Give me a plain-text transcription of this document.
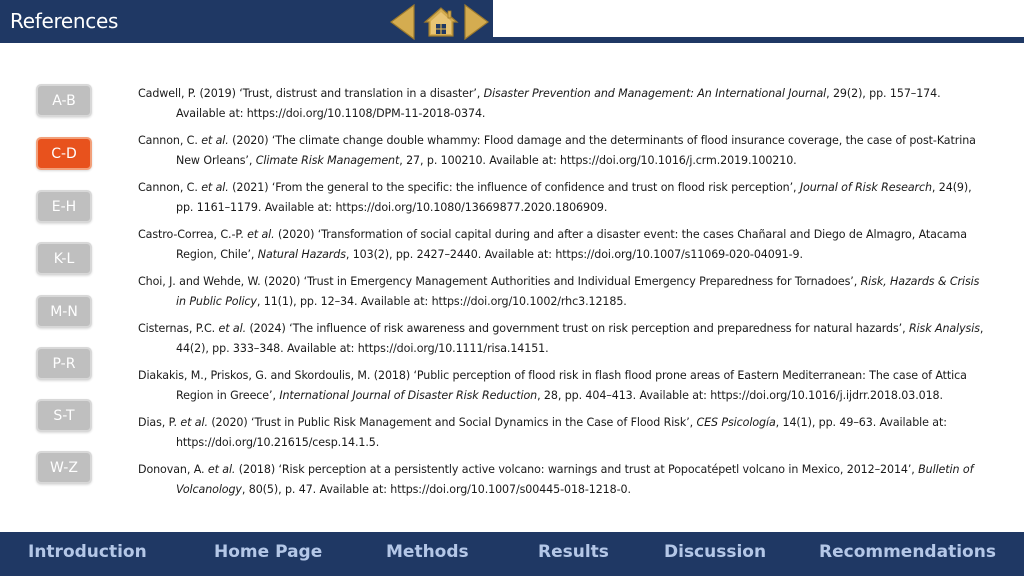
References
A-B
C-D
E-H
K-L
M-N
P-R
S-T
W-Z
Cadwell, P. (2019) ‘Trust, distrust and translation in a disaster’, Disaster Prevention and Management: An International Journal, 29(2), pp. 157–174. Available at: https://doi.org/10.1108/DPM-11-2018-0374.
Cannon, C. et al. (2020) ‘The climate change double whammy: Flood damage and the determinants of flood insurance coverage, the case of post-Katrina New Orleans’, Climate Risk Management, 27, p. 100210. Available at: https://doi.org/10.1016/j.crm.2019.100210.
Cannon, C. et al. (2021) ‘From the general to the specific: the influence of confidence and trust on flood risk perception’, Journal of Risk Research, 24(9), pp. 1161–1179. Available at: https://doi.org/10.1080/13669877.2020.1806909.
Castro-Correa, C.-P. et al. (2020) ‘Transformation of social capital during and after a disaster event: the cases Chañaral and Diego de Almagro, Atacama Region, Chile’, Natural Hazards, 103(2), pp. 2427–2440. Available at: https://doi.org/10.1007/s11069-020-04091-9.
Choi, J. and Wehde, W. (2020) ‘Trust in Emergency Management Authorities and Individual Emergency Preparedness for Tornadoes’, Risk, Hazards & Crisis in Public Policy, 11(1), pp. 12–34. Available at: https://doi.org/10.1002/rhc3.12185.
Cisternas, P.C. et al. (2024) ‘The influence of risk awareness and government trust on risk perception and preparedness for natural hazards’, Risk Analysis, 44(2), pp. 333–348. Available at: https://doi.org/10.1111/risa.14151.
Diakakis, M., Priskos, G. and Skordoulis, M. (2018) ‘Public perception of flood risk in flash flood prone areas of Eastern Mediterranean: The case of Attica Region in Greece’, International Journal of Disaster Risk Reduction, 28, pp. 404–413. Available at: https://doi.org/10.1016/j.ijdrr.2018.03.018.
Dias, P. et al. (2020) ‘Trust in Public Risk Management and Social Dynamics in the Case of Flood Risk’, CES Psicología, 14(1), pp. 49–63. Available at: https://doi.org/10.21615/cesp.14.1.5.
Donovan, A. et al. (2018) ‘Risk perception at a persistently active volcano: warnings and trust at Popocatépetl volcano in Mexico, 2012–2014’, Bulletin of Volcanology, 80(5), p. 47. Available at: https://doi.org/10.1007/s00445-018-1218-0.
Introduction	Home Page	Methods	Results	Discussion	Recommendations
